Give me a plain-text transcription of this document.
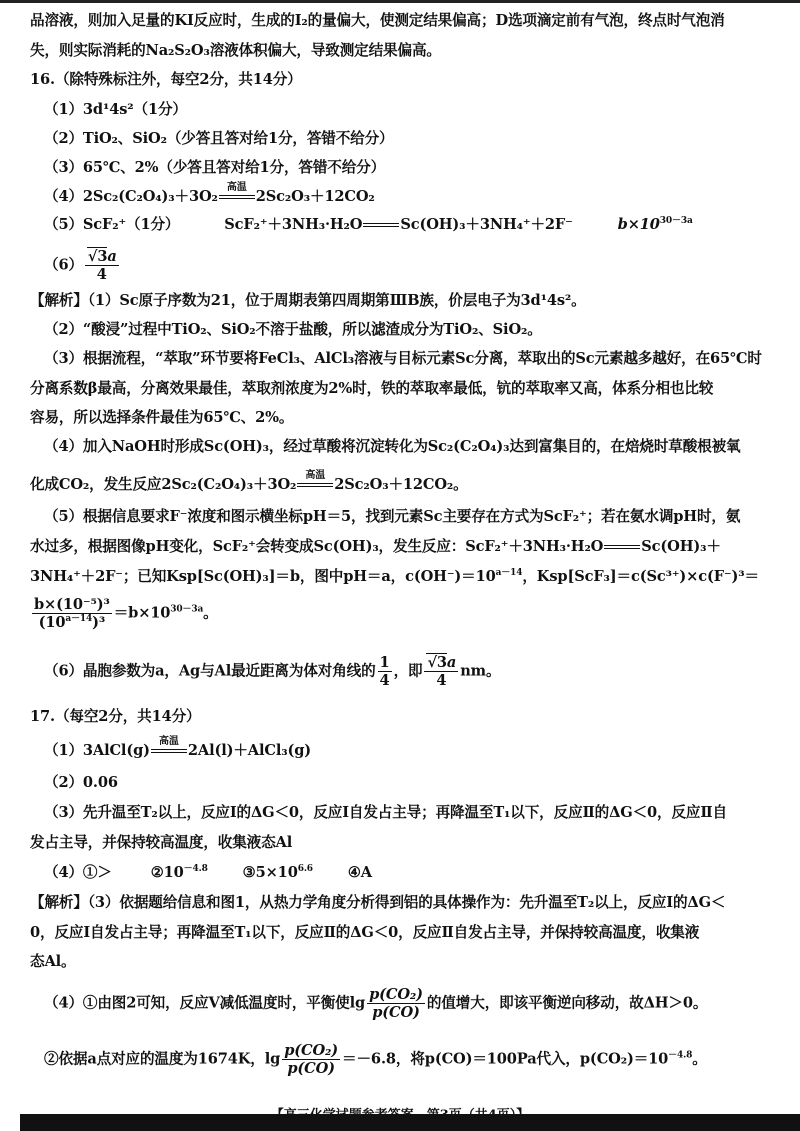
品溶液，则加入足量的KI反应时，生成的I₂的量偏大，使测定结果偏高；D选项滴定前有气泡，终点时气泡消
失，则实际消耗的Na₂S₂O₃溶液体积偏大，导致测定结果偏高。
16.（除特殊标注外，每空2分，共14分）
（1）3d¹4s²（1分）
（2）TiO₂、SiO₂（少答且答对给1分，答错不给分）
（3）65℃、2%（少答且答对给1分，答错不给分）
（4）2Sc₂(C₂O₄)₃＋3O₂
高温
2Sc₂O₃＋12CO₂
（5）ScF₂⁺（1分）	ScF₂⁺＋3NH₃·H₂O	Sc(OH)₃＋3NH₄⁺＋2F⁻	$b\times 10^{30-3a}$
$(6) \frac{√3a}{4}$
【解析】（1）Sc原子序数为21，位于周期表第四周期第ⅢB族，价层电子为3d¹4s²。
（2）“酸浸”过程中TiO₂、SiO₂不溶于盐酸，所以滤渣成分为TiO₂、SiO₂。
（3）根据流程，“萃取”环节要将FeCl₃、AlCl₃溶液与目标元素Sc分离，萃取出的Sc元素越多越好，在65℃时
分离系数β最高，分离效果最佳，萃取剂浓度为2%时，铁的萃取率最低，钪的萃取率又高，体系分相也比较
容易，所以选择条件最佳为65℃、2%。
（4）加入NaOH时形成Sc(OH)₃，经过草酸将沉淀转化为Sc₂(C₂O₄)₃达到富集目的，在焙烧时草酸根被氧
化成CO₂，发生反应2Sc₂(C₂O₄)₃＋3O₂
高温
2Sc₂O₃＋12CO₂。
（5）根据信息要求F⁻浓度和图示横坐标pH＝5，找到元素Sc主要存在方式为ScF₂⁺；若在氨水调pH时，氨
水过多，根据图像pH变化，ScF₂⁺会转变成Sc(OH)₃，发生反应：ScF₂⁺＋3NH₃·H₂O	Sc(OH)₃＋
3NH₄⁺＋2F⁻；已知Ksp[Sc(OH)₃]＝b，图中pH＝a，$c(OH^-)=10^{a-14}$，Ksp[ScF₃]＝c(Sc³⁺)×c(F⁻)³＝
$\frac{\text{b×(10⁻⁵)³}}{(10^{a-14})^3} =b\times 10^{30-3a}$。
（6）晶胞参数为a，Ag与Al最近距离为体对角线的 $\frac{1}{4}$ ，即 $\frac{√3a}{4}$ nm。
17.（每空2分，共14分）
（1）3AlCl(g)
高温
2Al(l)＋AlCl₃(g)
（2）0.06
（3）先升温至T₂以上，反应Ⅰ的ΔG＜0，反应Ⅰ自发占主导；再降温至T₁以下，反应Ⅱ的ΔG＜0，反应Ⅱ自
发占主导，并保持较高温度，收集液态Al
（4）①＞	$②10^{-4.8}$ $③5\times 10^{6.6}$ ④A
【解析】（3）依据题给信息和图1，从热力学角度分析得到铝的具体操作为：先升温至T₂以上，反应Ⅰ的ΔG＜
0，反应Ⅰ自发占主导；再降温至T₁以下，反应Ⅱ的ΔG＜0，反应Ⅱ自发占主导，并保持较高温度，收集液
态Al。
（4）①由图2可知，反应Ⅴ减低温度时，平衡使$\lg \frac{\text{p(CO₂)}}{p(CO)}$ 的值增大，即该平衡逆向移动，故ΔH＞0。
②依据a点对应的温度为1674K，$\lg \frac{\text{p(CO₂)}}{p(CO)} =-6.8$，将p(CO)＝100Pa代入，$p(CO_2)=10^{-4.8}$。
